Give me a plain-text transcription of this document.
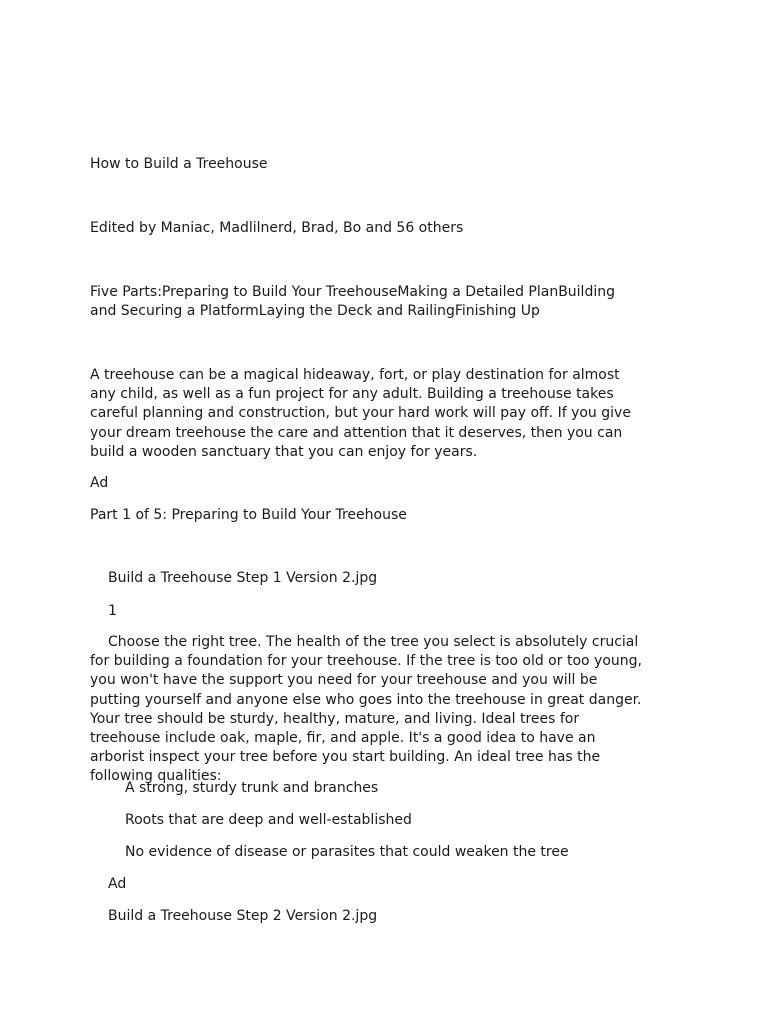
How to Build a Treehouse
Edited by Maniac, Madlilnerd, Brad, Bo and 56 others
Five Parts:Preparing to Build Your TreehouseMaking a Detailed PlanBuilding and Securing a PlatformLaying the Deck and RailingFinishing Up
A treehouse can be a magical hideaway, fort, or play destination for almost any child, as well as a fun project for any adult. Building a treehouse takes careful planning and construction, but your hard work will pay off. If you give your dream treehouse the care and attention that it deserves, then you can build a wooden sanctuary that you can enjoy for years.
Ad
Part 1 of 5: Preparing to Build Your Treehouse
Build a Treehouse Step 1 Version 2.jpg
1
Choose the right tree. The health of the tree you select is absolutely crucial for building a foundation for your treehouse. If the tree is too old or too young, you won't have the support you need for your treehouse and you will be putting yourself and anyone else who goes into the treehouse in great danger. Your tree should be sturdy, healthy, mature, and living. Ideal trees for treehouse include oak, maple, fir, and apple. It's a good idea to have an arborist inspect your tree before you start building. An ideal tree has the following qualities:
A strong, sturdy trunk and branches
Roots that are deep and well-established
No evidence of disease or parasites that could weaken the tree
Ad
Build a Treehouse Step 2 Version 2.jpg
